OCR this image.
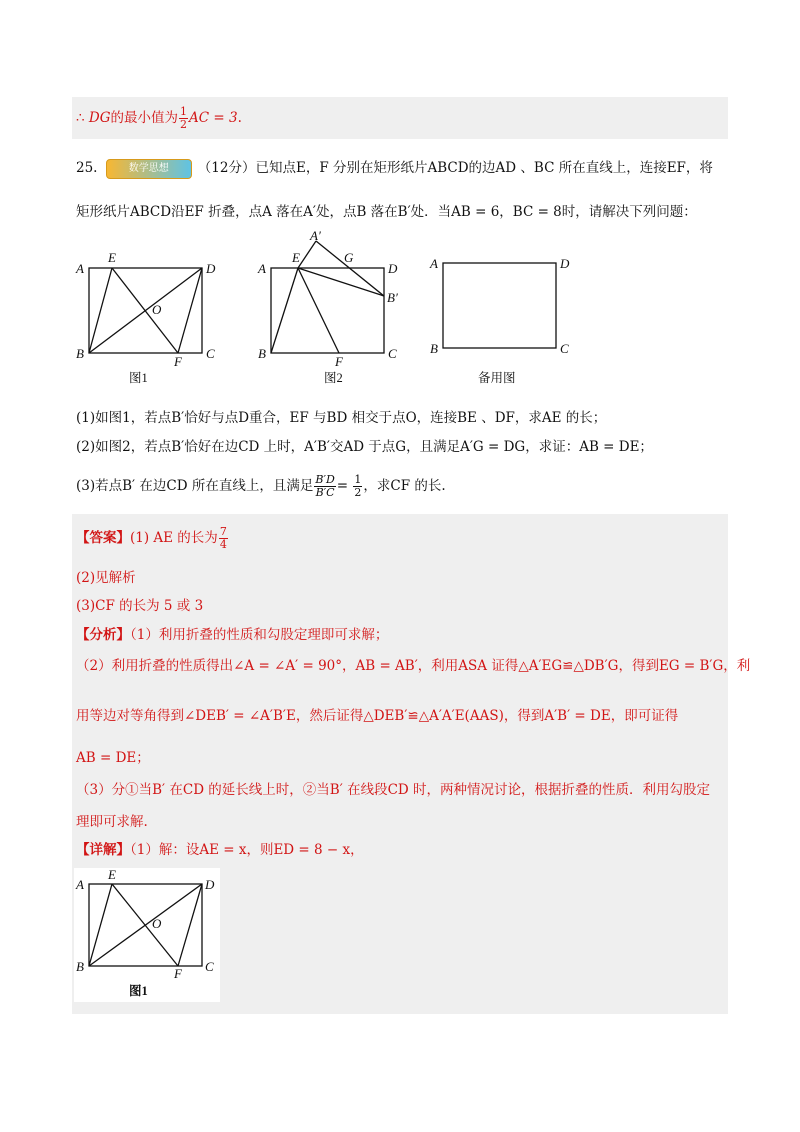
∴ DG的最小值为 $\frac{1}{2}$ AC = 3.
25.	数学思想 （12分）已知点E，F 分别在矩形纸片ABCD的边AD 、BC 所在直线上，连接EF，将
矩形纸片ABCD沿EF 折叠，点A 落在A′处，点B 落在B′处．当AB = 6，BC = 8时，请解决下列问题：
A
E
D
O
B
F
C
图1
A′
A
E	G
D
B′
B
F
C
图2
A	D
B	C
备用图
(1)如图1，若点B′恰好与点D重合，EF 与BD 相交于点O，连接BE 、DF，求AE 的长；
(2)如图2，若点B′恰好在边CD 上时，A′B′交AD 于点G，且满足A′G = DG，求证：AB = DE；
(3)若点B′ 在边CD 所在直线上，且满足 $\frac{B'D}{B'C} = \frac{1}{2}$ ，求CF 的长.
【答案】(1) AE 的长为 $\frac{7}{4}$
(2)见解析
(3)CF 的长为 5 或 3
【分析】（1）利用折叠的性质和勾股定理即可求解；
（2）利用折叠的性质得出∠A = ∠A′ = 90°，AB = AB′，利用ASA 证得△A′EG≌△DB′G，得到EG = B′G，利
用等边对等角得到∠DEB′ = ∠A′B′E，然后证得△DEB′≌△A′A′E(AAS)，得到A′B′ = DE，即可证得
AB = DE；
（3）分①当B′ 在CD 的延长线上时，②当B′ 在线段CD 时，两种情况讨论，根据折叠的性质．利用勾股定
理即可求解.
【详解】（1）解：设AE = x，则ED = 8 − x，
A
E
D
O
B	F C
图1
